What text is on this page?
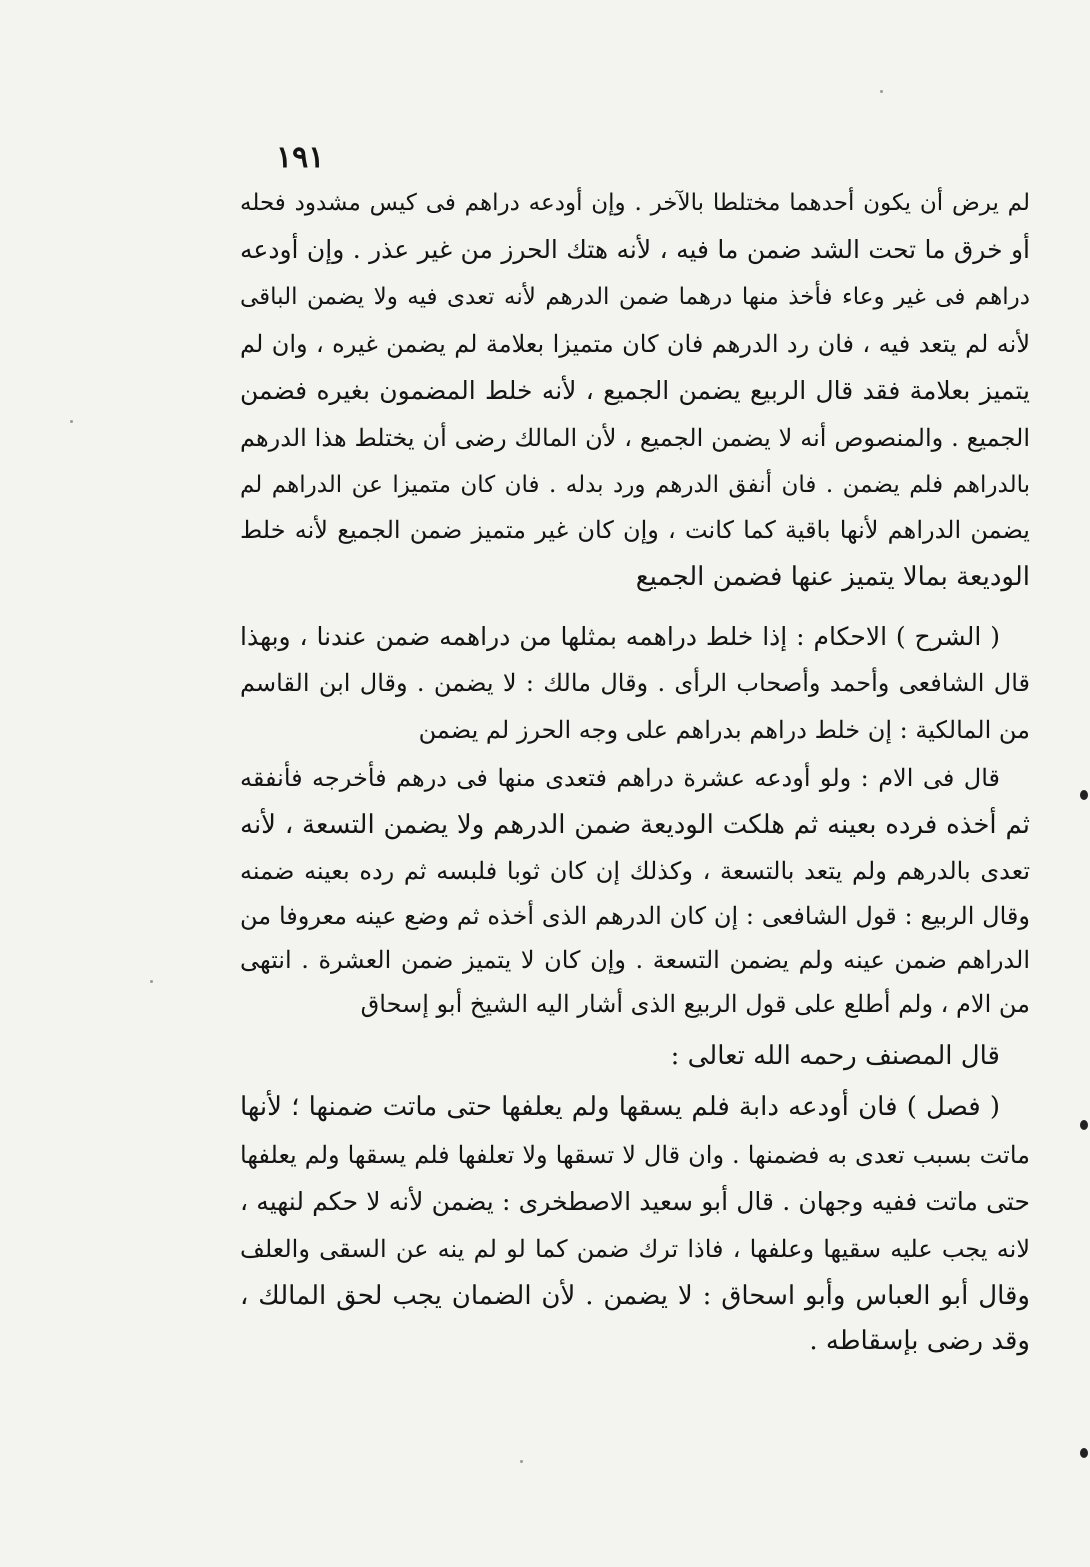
١٩١
لم يرض أن يكون أحدهما مختلطا بالآخر . وإن أودعه دراهم فى كيس مشدود فحله
أو خرق ما تحت الشد ضمن ما فيه ، لأنه هتك الحرز من غير عذر . وإن أودعه
دراهم فى غير وعاء فأخذ منها درهما ضمن الدرهم لأنه تعدى فيه ولا يضمن الباقى
لأنه لم يتعد فيه ، فان رد الدرهم فان كان متميزا بعلامة لم يضمن غيره ، وان لم
يتميز بعلامة فقد قال الربيع يضمن الجميع ، لأنه خلط المضمون بغيره فضمن
الجميع . والمنصوص أنه لا يضمن الجميع ، لأن المالك رضى أن يختلط هذا الدرهم
بالدراهم فلم يضمن . فان أنفق الدرهم ورد بدله . فان كان متميزا عن الدراهم لم
يضمن الدراهم لأنها باقية كما كانت ، وإن كان غير متميز ضمن الجميع لأنه خلط
الوديعة بمالا يتميز عنها فضمن الجميع
( الشرح ) الاحكام : إذا خلط دراهمه بمثلها من دراهمه ضمن عندنا ، وبهذا
قال الشافعى وأحمد وأصحاب الرأى . وقال مالك : لا يضمن . وقال ابن القاسم
من المالكية : إن خلط دراهم بدراهم على وجه الحرز لم يضمن
قال فى الام : ولو أودعه عشرة دراهم فتعدى منها فى درهم فأخرجه فأنفقه
ثم أخذه فرده بعينه ثم هلكت الوديعة ضمن الدرهم ولا يضمن التسعة ، لأنه
تعدى بالدرهم ولم يتعد بالتسعة ، وكذلك إن كان ثوبا فلبسه ثم رده بعينه ضمنه
وقال الربيع : قول الشافعى : إن كان الدرهم الذى أخذه ثم وضع عينه معروفا من
الدراهم ضمن عينه ولم يضمن التسعة . وإن كان لا يتميز ضمن العشرة . انتهى
من الام ، ولم أطلع على قول الربيع الذى أشار اليه الشيخ أبو إسحاق
قال المصنف رحمه الله تعالى :
( فصل ) فان أودعه دابة فلم يسقها ولم يعلفها حتى ماتت ضمنها ؛ لأنها
ماتت بسبب تعدى به فضمنها . وان قال لا تسقها ولا تعلفها فلم يسقها ولم يعلفها
حتى ماتت ففيه وجهان . قال أبو سعيد الاصطخرى : يضمن لأنه لا حكم لنهيه ،
لانه يجب عليه سقيها وعلفها ، فاذا ترك ضمن كما لو لم ينه عن السقى والعلف
وقال أبو العباس وأبو اسحاق : لا يضمن . لأن الضمان يجب لحق المالك ،
وقد رضى بإسقاطه .
